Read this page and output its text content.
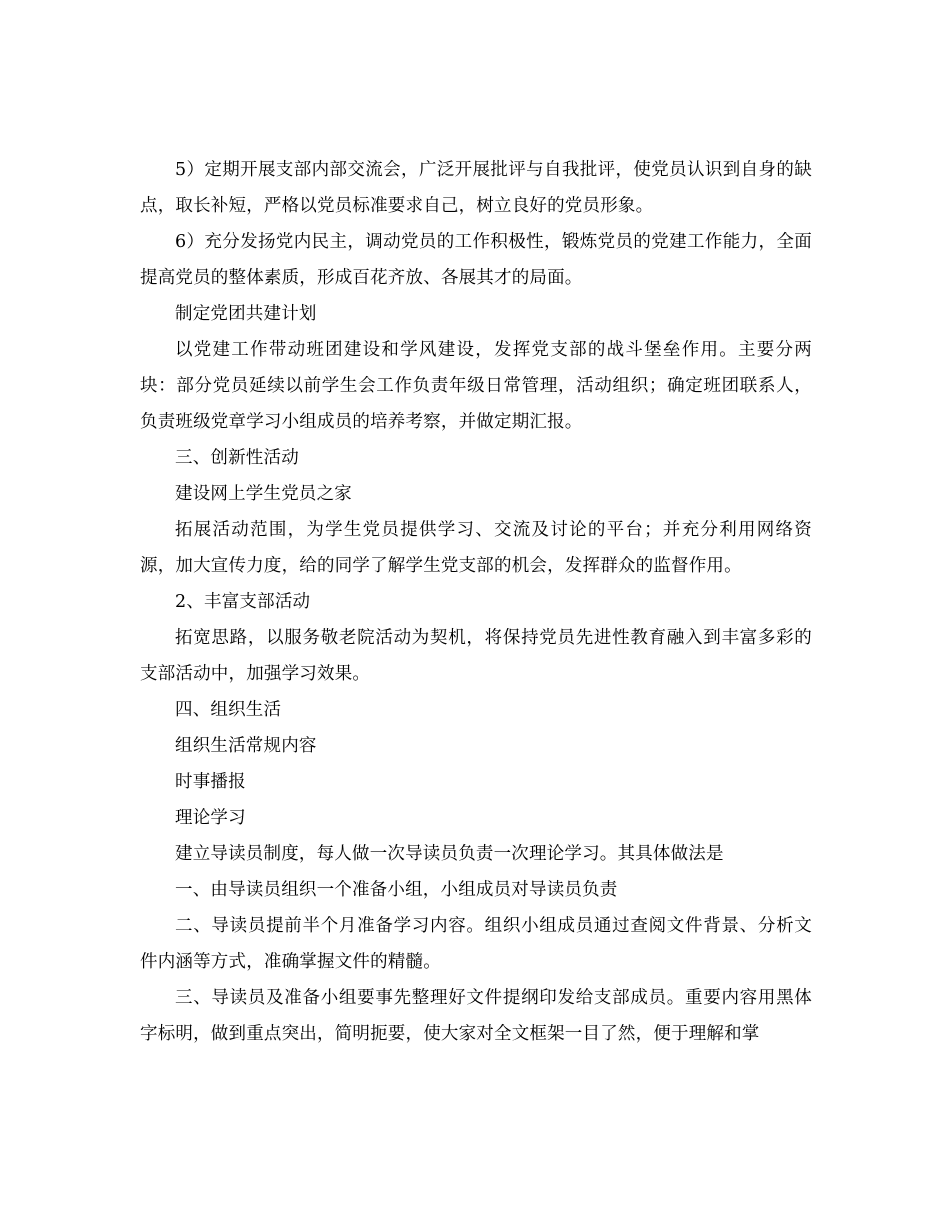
5）定期开展支部内部交流会，广泛开展批评与自我批评，使党员认识到自身的缺点，取长补短，严格以党员标准要求自己，树立良好的党员形象。

6）充分发扬党内民主，调动党员的工作积极性，锻炼党员的党建工作能力，全面提高党员的整体素质，形成百花齐放、各展其才的局面。

制定党团共建计划

以党建工作带动班团建设和学风建设，发挥党支部的战斗堡垒作用。主要分两块：部分党员延续以前学生会工作负责年级日常管理，活动组织；确定班团联系人，负责班级党章学习小组成员的培养考察，并做定期汇报。

三、创新性活动

建设网上学生党员之家

拓展活动范围，为学生党员提供学习、交流及讨论的平台；并充分利用网络资源，加大宣传力度，给的同学了解学生党支部的机会，发挥群众的监督作用。

2、丰富支部活动

拓宽思路，以服务敬老院活动为契机，将保持党员先进性教育融入到丰富多彩的支部活动中，加强学习效果。

四、组织生活

组织生活常规内容

时事播报

理论学习

建立导读员制度，每人做一次导读员负责一次理论学习。其具体做法是

一、由导读员组织一个准备小组，小组成员对导读员负责

二、导读员提前半个月准备学习内容。组织小组成员通过查阅文件背景、分析文件内涵等方式，准确掌握文件的精髓。

三、导读员及准备小组要事先整理好文件提纲印发给支部成员。重要内容用黑体字标明，做到重点突出，简明扼要，使大家对全文框架一目了然，便于理解和掌
